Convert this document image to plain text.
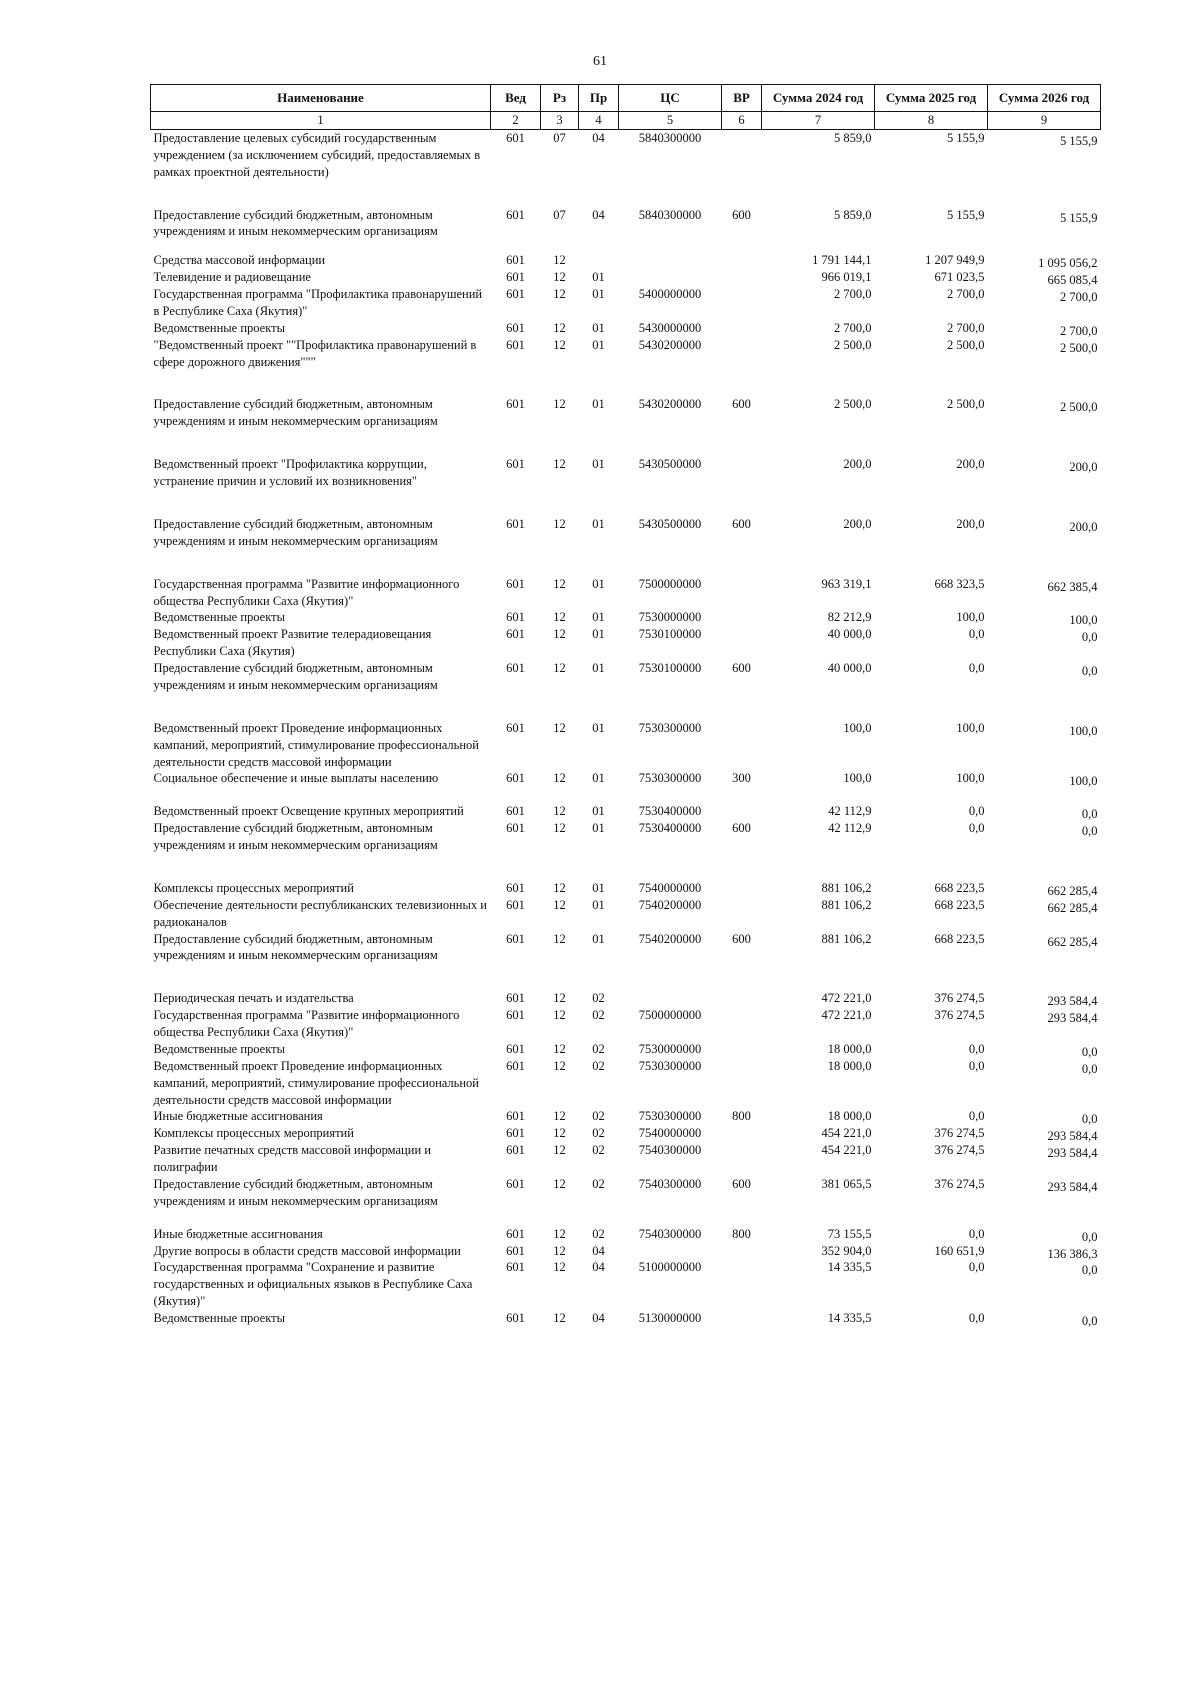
61
Наименование	Вед	Рз	Пр	ЦС	ВР	Сумма 2024 год	Сумма 2025 год	Сумма 2026 год
1	2	3	4	5	6	7	8	9
Предоставление целевых субсидий государственным учреждением (за исключением субсидий, предоставляемых в рамках проектной деятельности)	601	07	04	5840300000		5 859,0	5 155,9	5 155,9
Предоставление субсидий бюджетным, автономным учреждениям и иным некоммерческим организациям	601	07	04	5840300000	600	5 859,0	5 155,9	5 155,9
Средства массовой информации	601	12				1 791 144,1	1 207 949,9	1 095 056,2
Телевидение и радиовещание	601	12	01			966 019,1	671 023,5	665 085,4
Государственная программа "Профилактика правонарушений в Республике Саха (Якутия)"	601	12	01	5400000000		2 700,0	2 700,0	2 700,0
Ведомственные проекты	601	12	01	5430000000		2 700,0	2 700,0	2 700,0
"Ведомственный проект ""Профилактика правонарушений в сфере дорожного движения"""	601	12	01	5430200000		2 500,0	2 500,0	2 500,0
Предоставление субсидий бюджетным, автономным учреждениям и иным некоммерческим организациям	601	12	01	5430200000	600	2 500,0	2 500,0	2 500,0
Ведомственный проект "Профилактика коррупции, устранение причин и условий их возникновения"	601	12	01	5430500000		200,0	200,0	200,0
Предоставление субсидий бюджетным, автономным учреждениям и иным некоммерческим организациям	601	12	01	5430500000	600	200,0	200,0	200,0
Государственная программа "Развитие информационного общества Республики Саха (Якутия)"	601	12	01	7500000000		963 319,1	668 323,5	662 385,4
Ведомственные проекты	601	12	01	7530000000		82 212,9	100,0	100,0
Ведомственный проект Развитие телерадиовещания Республики Саха (Якутия)	601	12	01	7530100000		40 000,0	0,0	0,0
Предоставление субсидий бюджетным, автономным учреждениям и иным некоммерческим организациям	601	12	01	7530100000	600	40 000,0	0,0	0,0
Ведомственный проект Проведение информационных кампаний, мероприятий, стимулирование профессиональной деятельности средств массовой информации	601	12	01	7530300000		100,0	100,0	100,0
Социальное обеспечение и иные выплаты населению	601	12	01	7530300000	300	100,0	100,0	100,0
Ведомственный проект Освещение крупных мероприятий	601	12	01	7530400000		42 112,9	0,0	0,0
Предоставление субсидий бюджетным, автономным учреждениям и иным некоммерческим организациям	601	12	01	7530400000	600	42 112,9	0,0	0,0
Комплексы процессных мероприятий	601	12	01	7540000000		881 106,2	668 223,5	662 285,4
Обеспечение деятельности республиканских телевизионных и радиоканалов	601	12	01	7540200000		881 106,2	668 223,5	662 285,4
Предоставление субсидий бюджетным, автономным учреждениям и иным некоммерческим организациям	601	12	01	7540200000	600	881 106,2	668 223,5	662 285,4
Периодическая печать и издательства	601	12	02			472 221,0	376 274,5	293 584,4
Государственная программа "Развитие информационного общества Республики Саха (Якутия)"	601	12	02	7500000000		472 221,0	376 274,5	293 584,4
Ведомственные проекты	601	12	02	7530000000		18 000,0	0,0	0,0
Ведомственный проект Проведение информационных кампаний, мероприятий, стимулирование профессиональной деятельности средств массовой информации	601	12	02	7530300000		18 000,0	0,0	0,0
Иные бюджетные ассигнования	601	12	02	7530300000	800	18 000,0	0,0	0,0
Комплексы процессных мероприятий	601	12	02	7540000000		454 221,0	376 274,5	293 584,4
Развитие печатных средств массовой информации и полиграфии	601	12	02	7540300000		454 221,0	376 274,5	293 584,4
Предоставление субсидий бюджетным, автономным учреждениям и иным некоммерческим организациям	601	12	02	7540300000	600	381 065,5	376 274,5	293 584,4
Иные бюджетные ассигнования	601	12	02	7540300000	800	73 155,5	0,0	0,0
Другие вопросы в области средств массовой информации	601	12	04			352 904,0	160 651,9	136 386,3
Государственная программа "Сохранение и развитие государственных и официальных языков в Республике Саха (Якутия)"	601	12	04	5100000000		14 335,5	0,0	0,0
Ведомственные проекты	601	12	04	5130000000		14 335,5	0,0	0,0
